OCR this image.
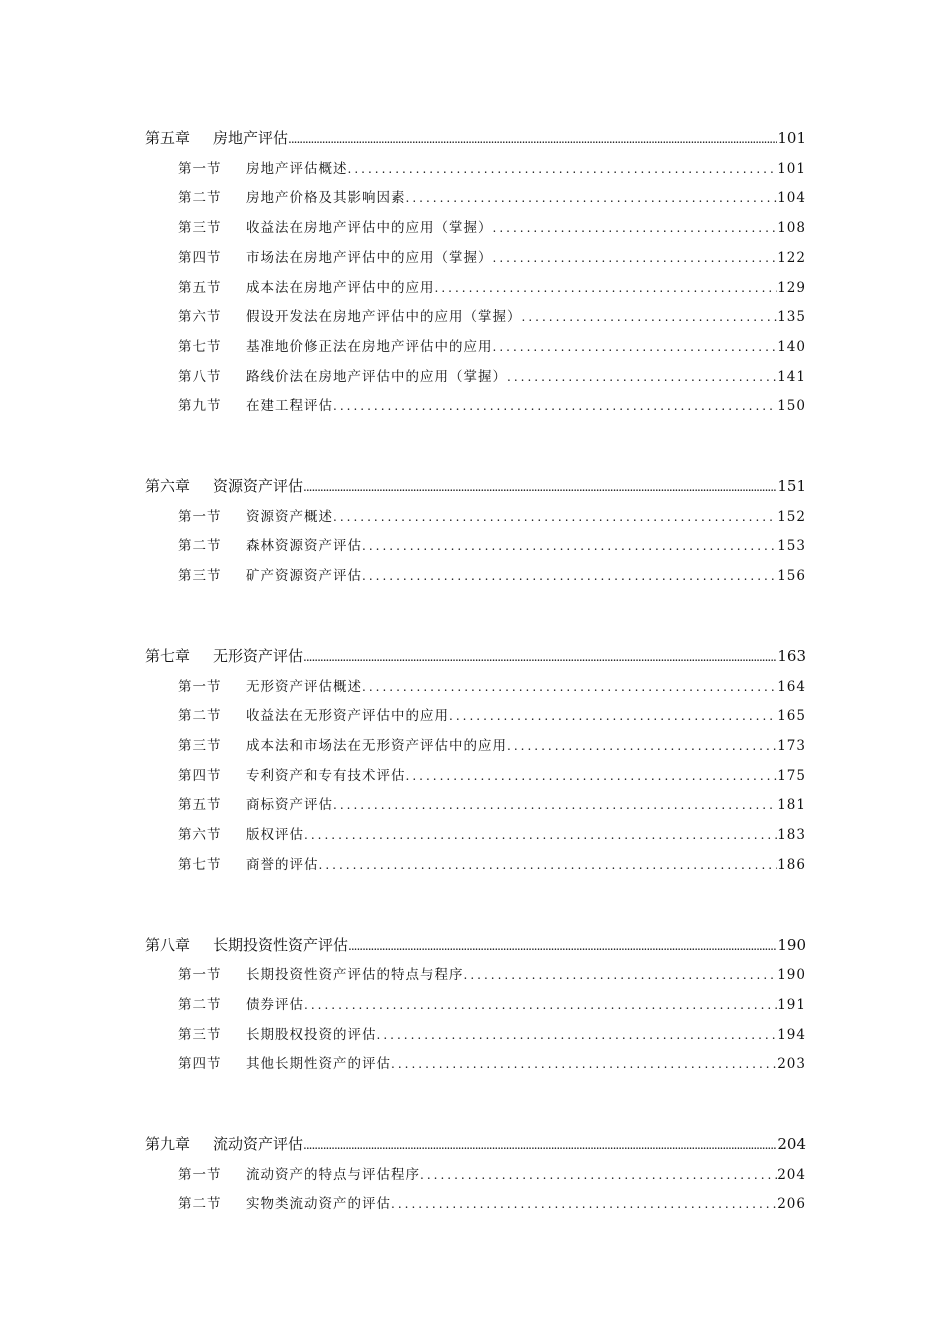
第五章	房地产评估 .....	101
第一节	房地产评估概述 .....	101
第二节	房地产价格及其影响因素 .....	104
第三节	收益法在房地产评估中的应用（掌握） .....	108
第四节	市场法在房地产评估中的应用（掌握） .....	122
第五节	成本法在房地产评估中的应用 .....	129
第六节	假设开发法在房地产评估中的应用（掌握） .....	135
第七节	基准地价修正法在房地产评估中的应用 .....	140
第八节	路线价法在房地产评估中的应用（掌握） .....	141
第九节	在建工程评估 .....	150
第六章	资源资产评估 .....	151
第一节	资源资产概述 .....	152
第二节	森林资源资产评估 .....	153
第三节	矿产资源资产评估 .....	156
第七章	无形资产评估 .....	163
第一节	无形资产评估概述 .....	164
第二节	收益法在无形资产评估中的应用 .....	165
第三节	成本法和市场法在无形资产评估中的应用 .....	173
第四节	专利资产和专有技术评估 .....	175
第五节	商标资产评估 .....	181
第六节	版权评估 .....	183
第七节	商誉的评估 .....	186
第八章	长期投资性资产评估 .....	190
第一节	长期投资性资产评估的特点与程序 .....	190
第二节	债券评估 .....	191
第三节	长期股权投资的评估 .....	194
第四节	其他长期性资产的评估 .....	203
第九章	流动资产评估 .....	204
第一节	流动资产的特点与评估程序 .....	204
第二节	实物类流动资产的评估 .....	206
